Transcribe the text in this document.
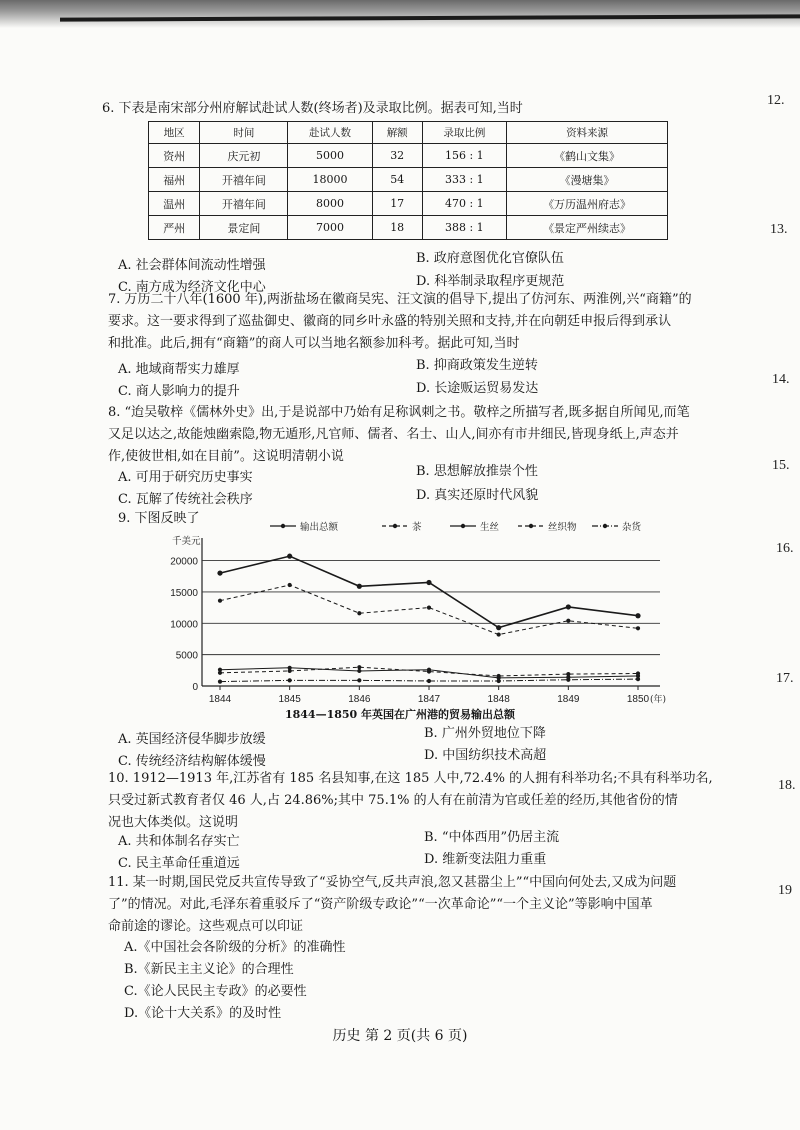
12.
13.
14.
15.
16.
17.
18.
19
6. 下表是南宋部分州府解试赴试人数(终场者)及录取比例。据表可知,当时
地区	时间	赴试人数	解额	录取比例	资料来源
资州	庆元初	5000	32	156 : 1	《鹤山文集》
福州	开禧年间	18000	54	333 : 1	《漫塘集》
温州	开禧年间	8000	17	470 : 1	《万历温州府志》
严州	景定间	7000	18	388 : 1	《景定严州续志》
A. 社会群体间流动性增强	B. 政府意图优化官僚队伍
C. 南方成为经济文化中心	D. 科举制录取程序更规范
7. 万历二十八年(1600 年),两浙盐场在徽商吴宪、汪文演的倡导下,提出了仿河东、两淮例,兴“商籍”的
要求。这一要求得到了巡盐御史、徽商的同乡叶永盛的特别关照和支持,并在向朝廷申报后得到承认
和批准。此后,拥有“商籍”的商人可以当地名额参加科考。据此可知,当时
A. 地域商帮实力雄厚	B. 抑商政策发生逆转
C. 商人影响力的提升	D. 长途贩运贸易发达
8. “迨吴敬梓《儒林外史》出,于是说部中乃始有足称讽刺之书。敬梓之所描写者,既多据自所闻见,而笔
又足以达之,故能烛幽索隐,物无遁形,凡官师、儒者、名士、山人,间亦有市井细民,皆现身纸上,声态并
作,使彼世相,如在目前”。这说明清朝小说
A. 可用于研究历史事实	B. 思想解放推崇个性
C. 瓦解了传统社会秩序	D. 真实还原时代风貌
9. 下图反映了
0
5000
10000
15000
20000
千美元
1844	1845	1846	1847	1848	1849	1850 (年)
输出总额	茶	生丝	丝织物	杂货
1844—1850 年英国在广州港的贸易输出总额
A. 英国经济侵华脚步放缓	B. 广州外贸地位下降
C. 传统经济结构解体缓慢	D. 中国纺织技术高超
10. 1912—1913 年,江苏省有 185 名县知事,在这 185 人中,72.4% 的人拥有科举功名;不具有科举功名,
只受过新式教育者仅 46 人,占 24.86%;其中 75.1% 的人有在前清为官或任差的经历,其他省份的情
况也大体类似。这说明
A. 共和体制名存实亡	B. “中体西用”仍居主流
C. 民主革命任重道远	D. 维新变法阻力重重
11. 某一时期,国民党反共宣传导致了“妥协空气,反共声浪,忽又甚嚣尘上”“中国向何处去,又成为问题
了”的情况。对此,毛泽东着重驳斥了“资产阶级专政论”“一次革命论”“一个主义论”等影响中国革
命前途的谬论。这些观点可以印证
A.《中国社会各阶级的分析》的准确性
B.《新民主主义论》的合理性
C.《论人民民主专政》的必要性
D.《论十大关系》的及时性
历史 第 2 页(共 6 页)
